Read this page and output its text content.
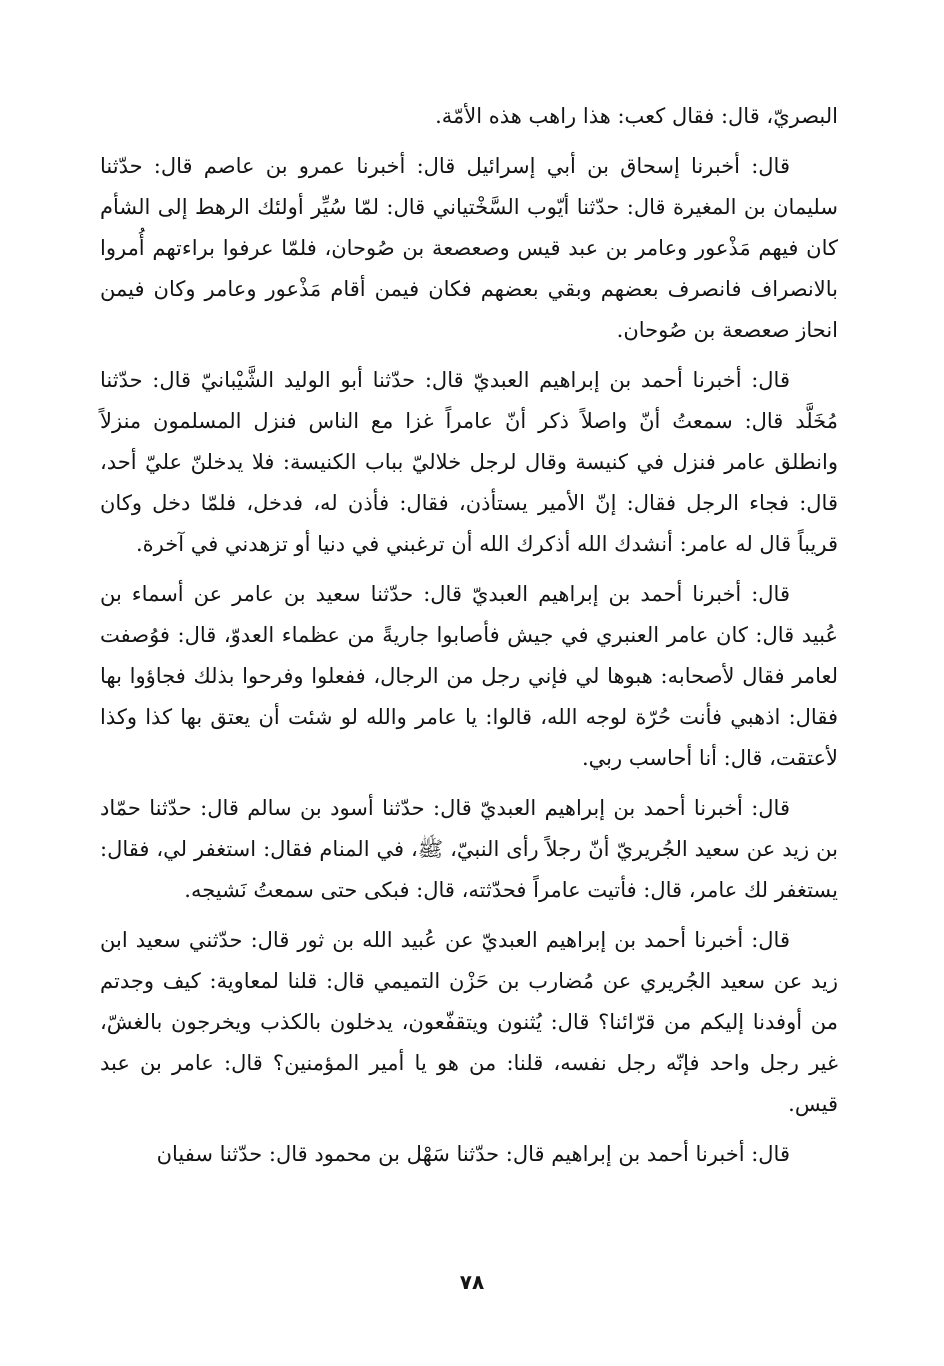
البصريّ، قال: فقال كعب: هذا راهب هذه الأمّة.

قال: أخبرنا إسحاق بن أبي إسرائيل قال: أخبرنا عمرو بن عاصم قال: حدّثنا سليمان بن المغيرة قال: حدّثنا أيّوب السَّخْتياني قال: لمّا سُيِّر أولئك الرهط إلى الشأم كان فيهم مَذْعور وعامر بن عبد قيس وصعصعة بن صُوحان، فلمّا عرفوا براءتهم أُمروا بالانصراف فانصرف بعضهم وبقي بعضهم فكان فيمن أقام مَذْعور وعامر وكان فيمن انحاز صعصعة بن صُوحان.

قال: أخبرنا أحمد بن إبراهيم العبديّ قال: حدّثنا أبو الوليد الشَّيْبانيّ قال: حدّثنا مُخَلَّد قال: سمعتُ أنّ واصلاً ذكر أنّ عامراً غزا مع الناس فنزل المسلمون منزلاً وانطلق عامر فنزل في كنيسة وقال لرجل خلاليّ بباب الكنيسة: فلا يدخلنّ عليّ أحد، قال: فجاء الرجل فقال: إنّ الأمير يستأذن، فقال: فأذن له، فدخل، فلمّا دخل وكان قريباً قال له عامر: أنشدك الله أذكرك الله أن ترغبني في دنيا أو تزهدني في آخرة.

قال: أخبرنا أحمد بن إبراهيم العبديّ قال: حدّثنا سعيد بن عامر عن أسماء بن عُبيد قال: كان عامر العنبري في جيش فأصابوا جاريةً من عظماء العدوّ، قال: فوُصفت لعامر فقال لأصحابه: هبوها لي فإني رجل من الرجال، ففعلوا وفرحوا بذلك فجاؤوا بها فقال: اذهبي فأنت حُرّة لوجه الله، قالوا: يا عامر والله لو شئت أن يعتق بها كذا وكذا لأعتقت، قال: أنا أحاسب ربي.

قال: أخبرنا أحمد بن إبراهيم العبديّ قال: حدّثنا أسود بن سالم قال: حدّثنا حمّاد بن زيد عن سعيد الجُريريّ أنّ رجلاً رأى النبيّ، ﷺ، في المنام فقال: استغفر لي، فقال: يستغفر لك عامر، قال: فأتيت عامراً فحدّثته، قال: فبكى حتى سمعتُ نَشيجه.

قال: أخبرنا أحمد بن إبراهيم العبديّ عن عُبيد الله بن ثور قال: حدّثني سعيد ابن زيد عن سعيد الجُريري عن مُضارب بن حَزْن التميمي قال: قلنا لمعاوية: كيف وجدتم من أوفدنا إليكم من قرّائنا؟ قال: يُثنون ويتقفّعون، يدخلون بالكذب ويخرجون بالغشّ، غير رجل واحد فإنّه رجل نفسه، قلنا: من هو يا أمير المؤمنين؟ قال: عامر بن عبد قيس.

قال: أخبرنا أحمد بن إبراهيم قال: حدّثنا سَهْل بن محمود قال: حدّثنا سفيان

٧٨
